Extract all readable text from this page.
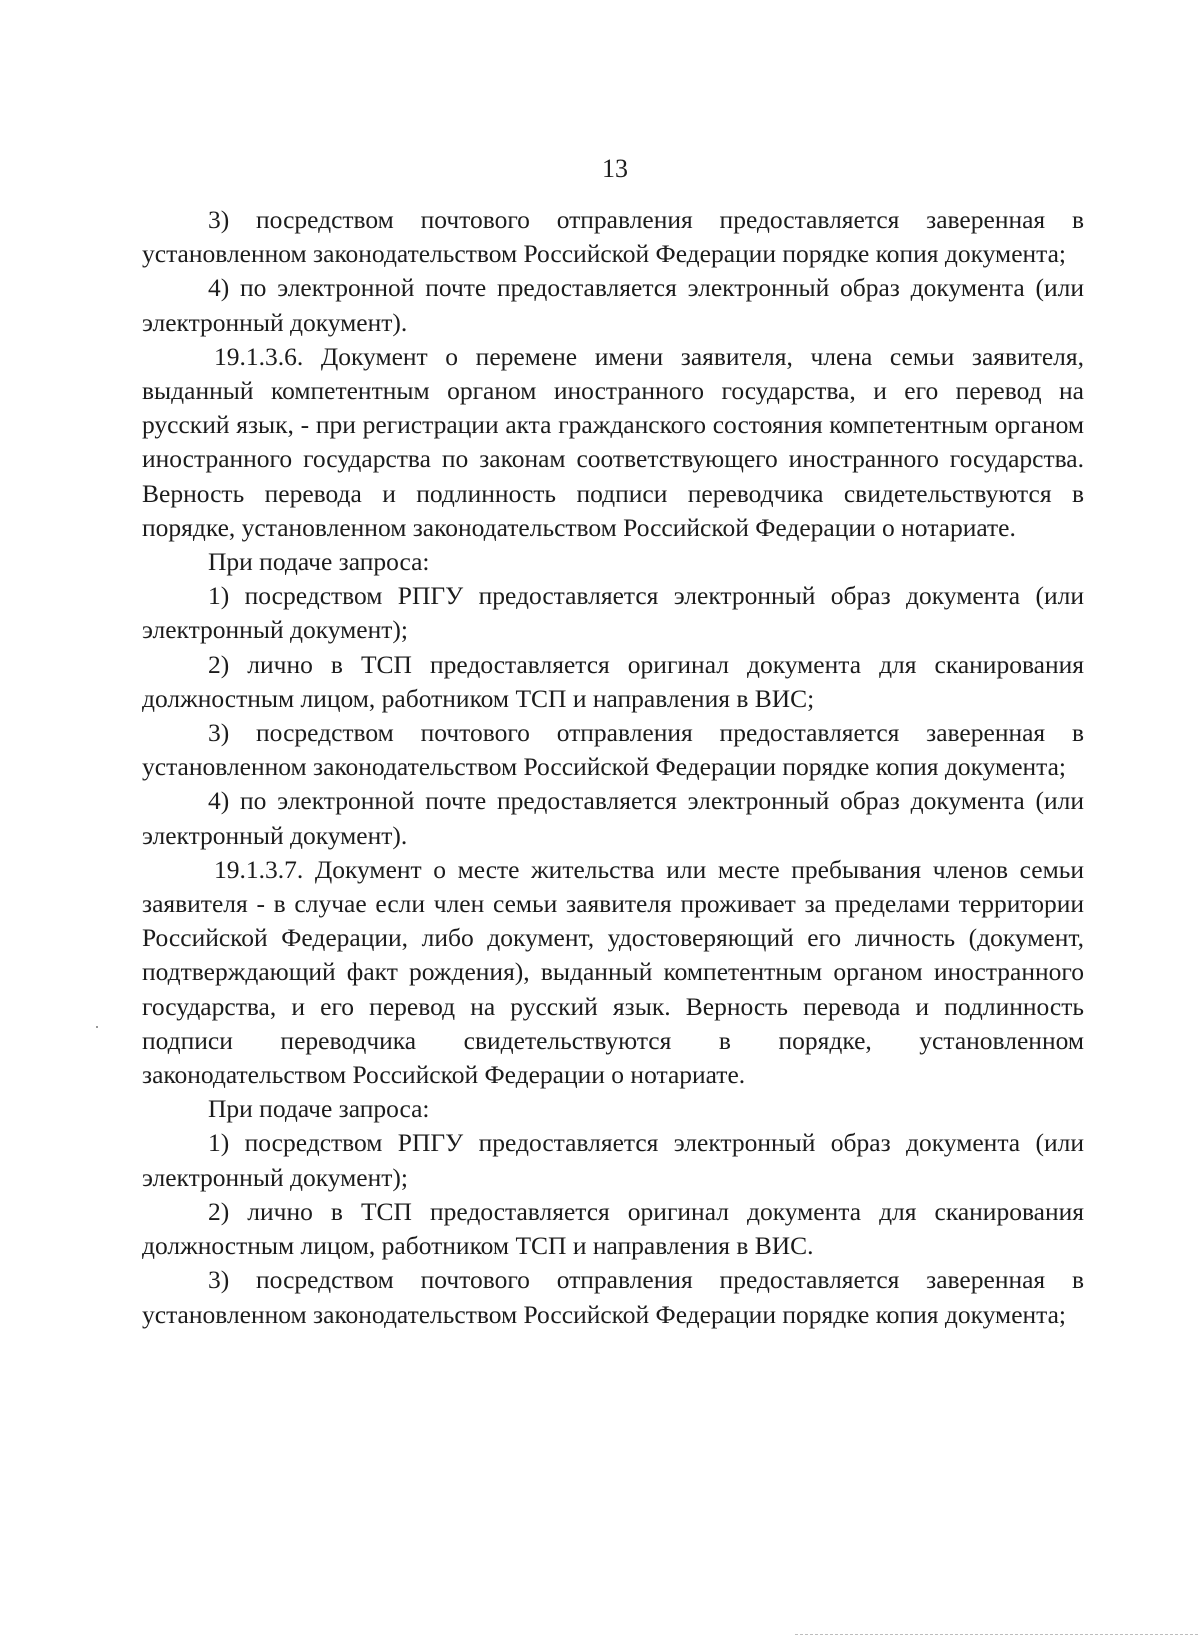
13

3) посредством почтового отправления предоставляется заверенная в установленном законодательством Российской Федерации порядке копия документа;

4) по электронной почте предоставляется электронный образ документа (или электронный документ).

19.1.3.6. Документ о перемене имени заявителя, члена семьи заявителя, выданный компетентным органом иностранного государства, и его перевод на русский язык, - при регистрации акта гражданского состояния компетентным органом иностранного государства по законам соответствующего иностранного государства. Верность перевода и подлинность подписи переводчика свидетельствуются в порядке, установленном законодательством Российской Федерации о нотариате.

При подаче запроса:

1) посредством РПГУ предоставляется электронный образ документа (или электронный документ);

2) лично в ТСП предоставляется оригинал документа для сканирования должностным лицом, работником ТСП и направления в ВИС;

3) посредством почтового отправления предоставляется заверенная в установленном законодательством Российской Федерации порядке копия документа;

4) по электронной почте предоставляется электронный образ документа (или электронный документ).

19.1.3.7. Документ о месте жительства или месте пребывания членов семьи заявителя - в случае если член семьи заявителя проживает за пределами территории Российской Федерации, либо документ, удостоверяющий его личность (документ, подтверждающий факт рождения), выданный компетентным органом иностранного государства, и его перевод на русский язык. Верность перевода и подлинность подписи переводчика свидетельствуются в порядке, установленном законодательством Российской Федерации о нотариате.

При подаче запроса:

1) посредством РПГУ предоставляется электронный образ документа (или электронный документ);

2) лично в ТСП предоставляется оригинал документа для сканирования должностным лицом, работником ТСП и направления в ВИС.

3) посредством почтового отправления предоставляется заверенная в установленном законодательством Российской Федерации порядке копия документа;
